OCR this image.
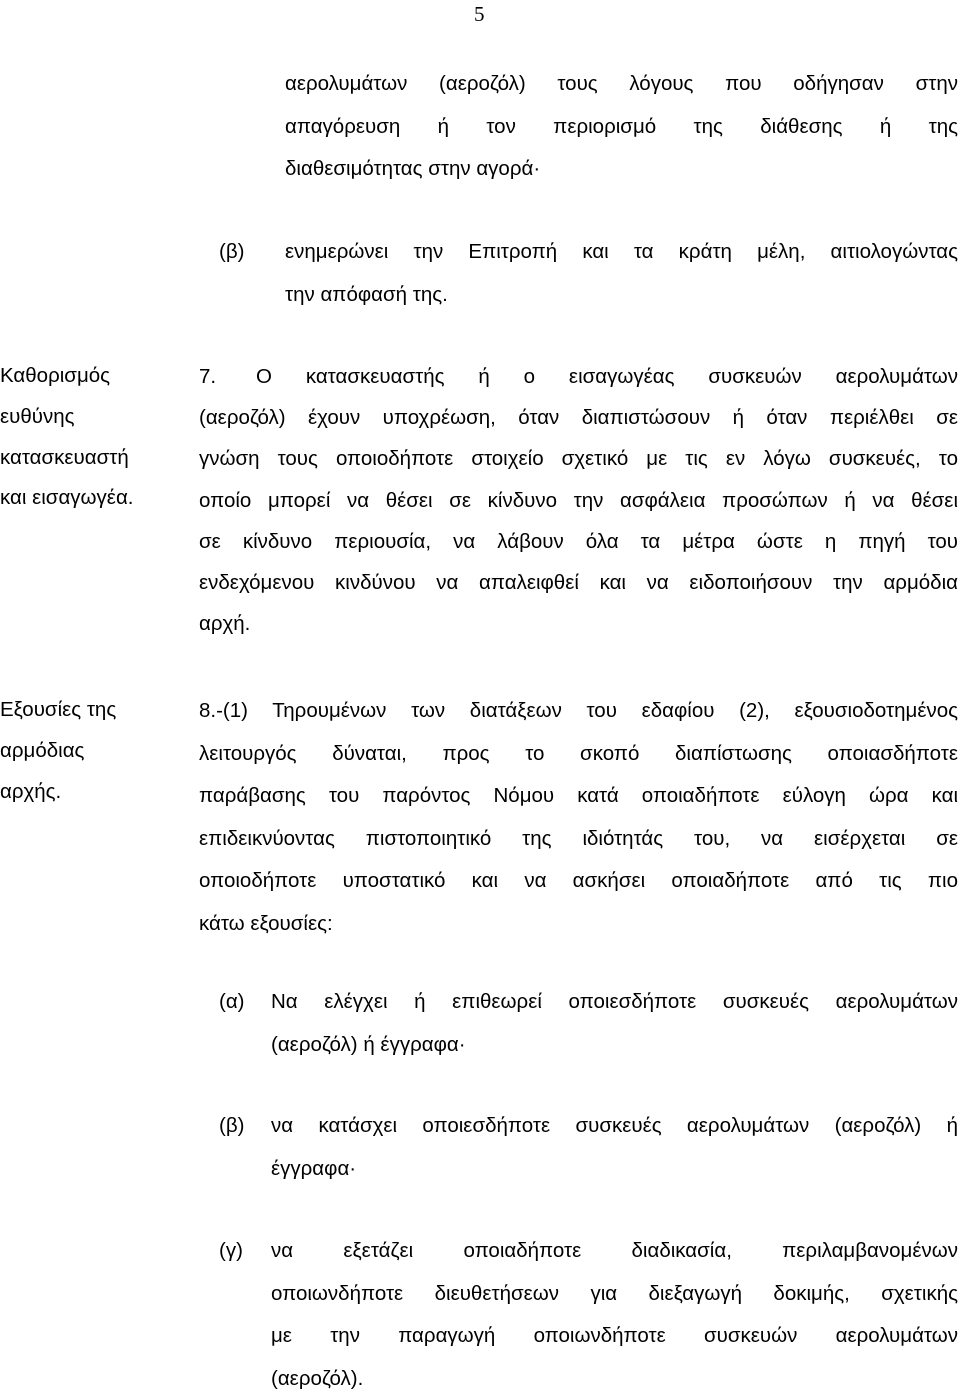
5
αερολυμάτων (αεροζόλ) τους λόγους που οδήγησαν στην
απαγόρευση ή τον περιορισμό της διάθεσης ή της
διαθεσιμότητας στην αγορά·
(β) ενημερώνει την Επιτροπή και τα κράτη μέλη, αιτιολογώντας
την απόφασή της.
Καθορισμός
ευθύνης
κατασκευαστή
και εισαγωγέα.
7.	Ο κατασκευαστής ή ο εισαγωγέας συσκευών αερολυμάτων
(αεροζόλ) έχουν υποχρέωση, όταν διαπιστώσουν ή όταν περιέλθει σε
γνώση τους οποιοδήποτε στοιχείο σχετικό με τις εν λόγω συσκευές, το
οποίο μπορεί να θέσει σε κίνδυνο την ασφάλεια προσώπων ή να θέσει
σε κίνδυνο περιουσία, να λάβουν όλα τα μέτρα ώστε η πηγή του
ενδεχόμενου κινδύνου να απαλειφθεί και να ειδοποιήσουν την αρμόδια
αρχή.
Εξουσίες της
αρμόδιας
αρχής.
8.-(1) Τηρουμένων των διατάξεων του εδαφίου (2), εξουσιοδοτημένος
λειτουργός δύναται, προς το σκοπό διαπίστωσης οποιασδήποτε
παράβασης του παρόντος Νόμου κατά οποιαδήποτε εύλογη ώρα και
επιδεικνύοντας πιστοποιητικό της ιδιότητάς του, να εισέρχεται σε
οποιοδήποτε υποστατικό και να ασκήσει οποιαδήποτε από τις πιο
κάτω εξουσίες:
(α) Να ελέγχει ή επιθεωρεί οποιεσδήποτε συσκευές αερολυμάτων
(αεροζόλ) ή έγγραφα·
(β) να κατάσχει οποιεσδήποτε συσκευές αερολυμάτων (αεροζόλ) ή
έγγραφα·
(γ) να εξετάζει οποιαδήποτε διαδικασία, περιλαμβανομένων
οποιωνδήποτε διευθετήσεων για διεξαγωγή δοκιμής, σχετικής
με την παραγωγή οποιωνδήποτε συσκευών αερολυμάτων
(αεροζόλ).
